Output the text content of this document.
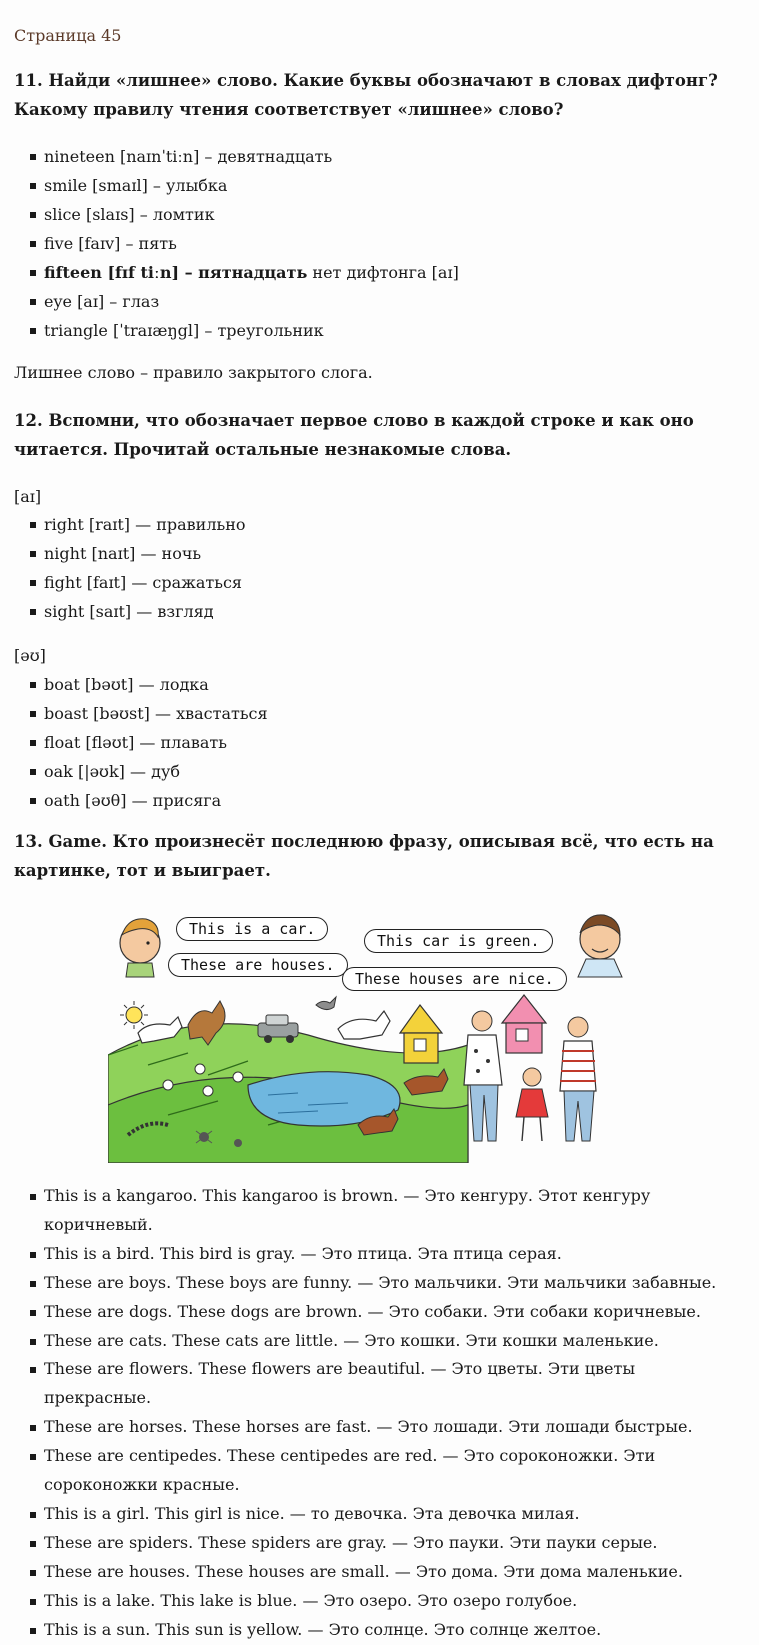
Страница 45
11. Найди «лишнее» слово. Какие буквы обозначают в словах дифтонг?
Какому правилу чтения соответствует «лишнее» слово?
nineteen [naɪnˈtiːn] – девятнадцать
smile [smaɪl] – улыбка
slice [slaɪs] – ломтик
five [faɪv] – пять
fifteen [fɪf tiːn] – пятнадцать нет дифтонга [aɪ]
eye [aɪ] – глаз
triangle [ˈtraɪæŋgl] – треугольник
Лишнее слово – правило закрытого слога.
12. Вспомни, что обозначает первое слово в каждой строке и как оно
читается. Прочитай остальные незнакомые слова.
[aɪ]
right [raɪt] — правильно
night [naɪt] — ночь
fight [faɪt] — сражаться
sight [saɪt] — взгляд
[əʊ]
boat [bəʊt] — лодка
boast [bəʊst] — хвастаться
float [fləʊt] — плавать
oak [|əʊk] — дуб
oath [əʊθ] — присяга
13. Game. Кто произнесёт последнюю фразу, описывая всё, что есть на
картинке, тот и выиграет.
This is a car.
These are houses.
This car is green.
These houses are nice.
This is a kangaroo. This kangaroo is brown. — Это кенгуру. Этот кенгуру
коричневый.
This is a bird. This bird is gray. — Это птица. Эта птица серая.
These are boys. These boys are funny. — Это мальчики. Эти мальчики забавные.
These are dogs. These dogs are brown. — Это собаки. Эти собаки коричневые.
These are cats. These cats are little. — Это кошки. Эти кошки маленькие.
These are flowers. These flowers are beautiful. — Это цветы. Эти цветы прекрасные.
These are horses. These horses are fast. — Это лошади. Эти лошади быстрые.
These are centipedes. These centipedes are red. — Это сороконожки. Эти
сороконожки красные.
This is a girl. This girl is nice. — то девочка. Эта девочка милая.
These are spiders. These spiders are gray. — Это пауки. Эти пауки серые.
These are houses. These houses are small. — Это дома. Эти дома маленькие.
This is a lake. This lake is blue. — Это озеро. Это озеро голубое.
This is a sun. This sun is yellow. — Это солнце. Это солнце желтое.
